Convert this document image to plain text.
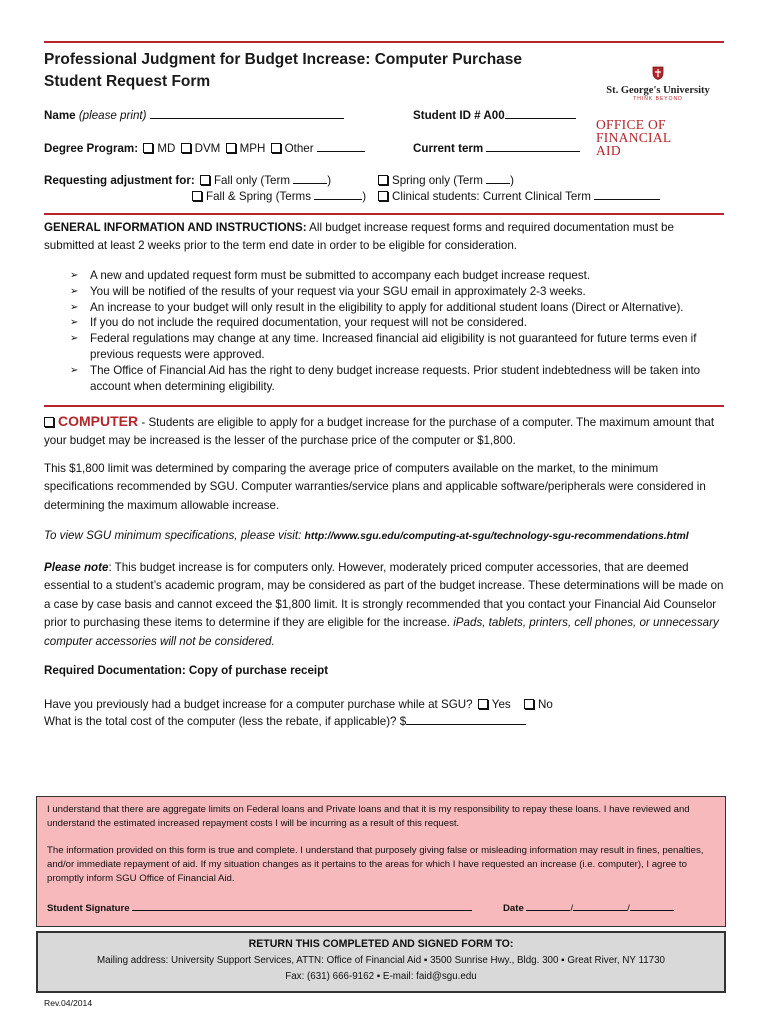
Professional Judgment for Budget Increase: Computer Purchase
Student Request Form
St. George's University
THINK BEYOND
OFFICE OF
FINANCIAL AID
Name (please print)	Student ID # A00
Degree Program: MD DVM MPH Other	Current term
Requesting adjustment for: Fall only (Term	)
Fall & Spring (Terms	)
Spring only (Term )
Clinical students: Current Clinical Term
GENERAL INFORMATION AND INSTRUCTIONS: All budget increase request forms and required documentation must be submitted at least 2 weeks prior to the term end date in order to be eligible for consideration.
➢ A new and updated request form must be submitted to accompany each budget increase request.
➢ You will be notified of the results of your request via your SGU email in approximately 2-3 weeks.
➢ An increase to your budget will only result in the eligibility to apply for additional student loans (Direct or Alternative).
➢ If you do not include the required documentation, your request will not be considered.
➢ Federal regulations may change at any time. Increased financial aid eligibility is not guaranteed for future terms even if previous requests were approved.
➢ The Office of Financial Aid has the right to deny budget increase requests. Prior student indebtedness will be taken into account when determining eligibility.
COMPUTER - Students are eligible to apply for a budget increase for the purchase of a computer. The maximum amount that your budget may be increased is the lesser of the purchase price of the computer or $1,800.
This $1,800 limit was determined by comparing the average price of computers available on the market, to the minimum specifications recommended by SGU. Computer warranties/service plans and applicable software/peripherals were considered in determining the maximum allowable increase.
To view SGU minimum specifications, please visit: http://www.sgu.edu/computing-at-sgu/technology-sgu-recommendations.html
Please note: This budget increase is for computers only. However, moderately priced computer accessories, that are deemed essential to a student’s academic program, may be considered as part of the budget increase. These determinations will be made on a case by case basis and cannot exceed the $1,800 limit. It is strongly recommended that you contact your Financial Aid Counselor prior to purchasing these items to determine if they are eligible for the increase. iPads, tablets, printers, cell phones, or unnecessary computer accessories will not be considered.
Required Documentation: Copy of purchase receipt
Have you previously had a budget increase for a computer purchase while at SGU? Yes No
What is the total cost of the computer (less the rebate, if applicable)? $
I understand that there are aggregate limits on Federal loans and Private loans and that it is my responsibility to repay these loans. I have reviewed and understand the estimated increased repayment costs I will be incurring as a result of this request.
The information provided on this form is true and complete. I understand that purposely giving false or misleading information may result in fines, penalties, and/or immediate repayment of aid. If my situation changes as it pertains to the areas for which I have requested an increase (i.e. computer), I agree to promptly inform SGU Office of Financial Aid.
Student Signature	Date	/	/
RETURN THIS COMPLETED AND SIGNED FORM TO:
Mailing address: University Support Services, ATTN: Office of Financial Aid ▪ 3500 Sunrise Hwy., Bldg. 300 ▪ Great River, NY 11730
Fax: (631) 666-9162 ▪ E-mail: faid@sgu.edu
Rev.04/2014
